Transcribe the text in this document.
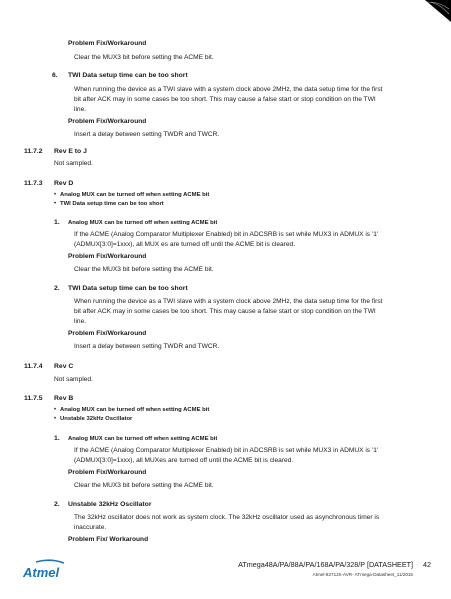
Problem Fix/Workaround
Clear the MUX3 bit before setting the ACME bit.
6. TWI Data setup time can be too short
When running the device as a TWI slave with a system clock above 2MHz, the data setup time for the first
bit after ACK may in some cases be too short. This may cause a false start or stop condition on the TWI
line.
Problem Fix/Workaround
Insert a delay between setting TWDR and TWCR.
11.7.2 Rev E to J
Not sampled.
11.7.3 Rev D
• Analog MUX can be turned off when setting ACME bit
• TWI Data setup time can be too short
1. Analog MUX can be turned off when setting ACME bit
If the ACME (Analog Comparator Multiplexer Enabled) bit in ADCSRB is set while MUX3 in ADMUX is '1'
(ADMUX[3:0]=1xxx), all MUX es are turned off until the ACME bit is cleared.
Problem Fix/Workaround
Clear the MUX3 bit before setting the ACME bit.
2. TWI Data setup time can be too short
When running the device as a TWI slave with a system clock above 2MHz, the data setup time for the first
bit after ACK may in some cases be too short. This may cause a false start or stop condition on the TWI
line.
Problem Fix/Workaround
Insert a delay between setting TWDR and TWCR.
11.7.4 Rev C
Not sampled.
11.7.5 Rev B
• Analog MUX can be turned off when setting ACME bit
• Unstable 32kHz Oscillator
1. Analog MUX can be turned off when setting ACME bit
If the ACME (Analog Comparator Multiplexer Enabled) bit in ADCSRB is set while MUX3 in ADMUX is '1'
(ADMUX[3:0]=1xxx), all MUXes are turned off until the ACME bit is cleared.
Problem Fix/Workaround
Clear the MUX3 bit before setting the ACME bit.
2. Unstable 32kHz Oscillator
The 32kHz oscillator does not work as system clock. The 32kHz oscillator used as asynchronous timer is
inaccurate.
Problem Fix/ Workaround
Atmel
ATmega48A/PA/88A/PA/168A/PA/328/P [DATASHEET] 42
Atmel-8271JS-AVR- ATmega-Datasheet_11/2015
